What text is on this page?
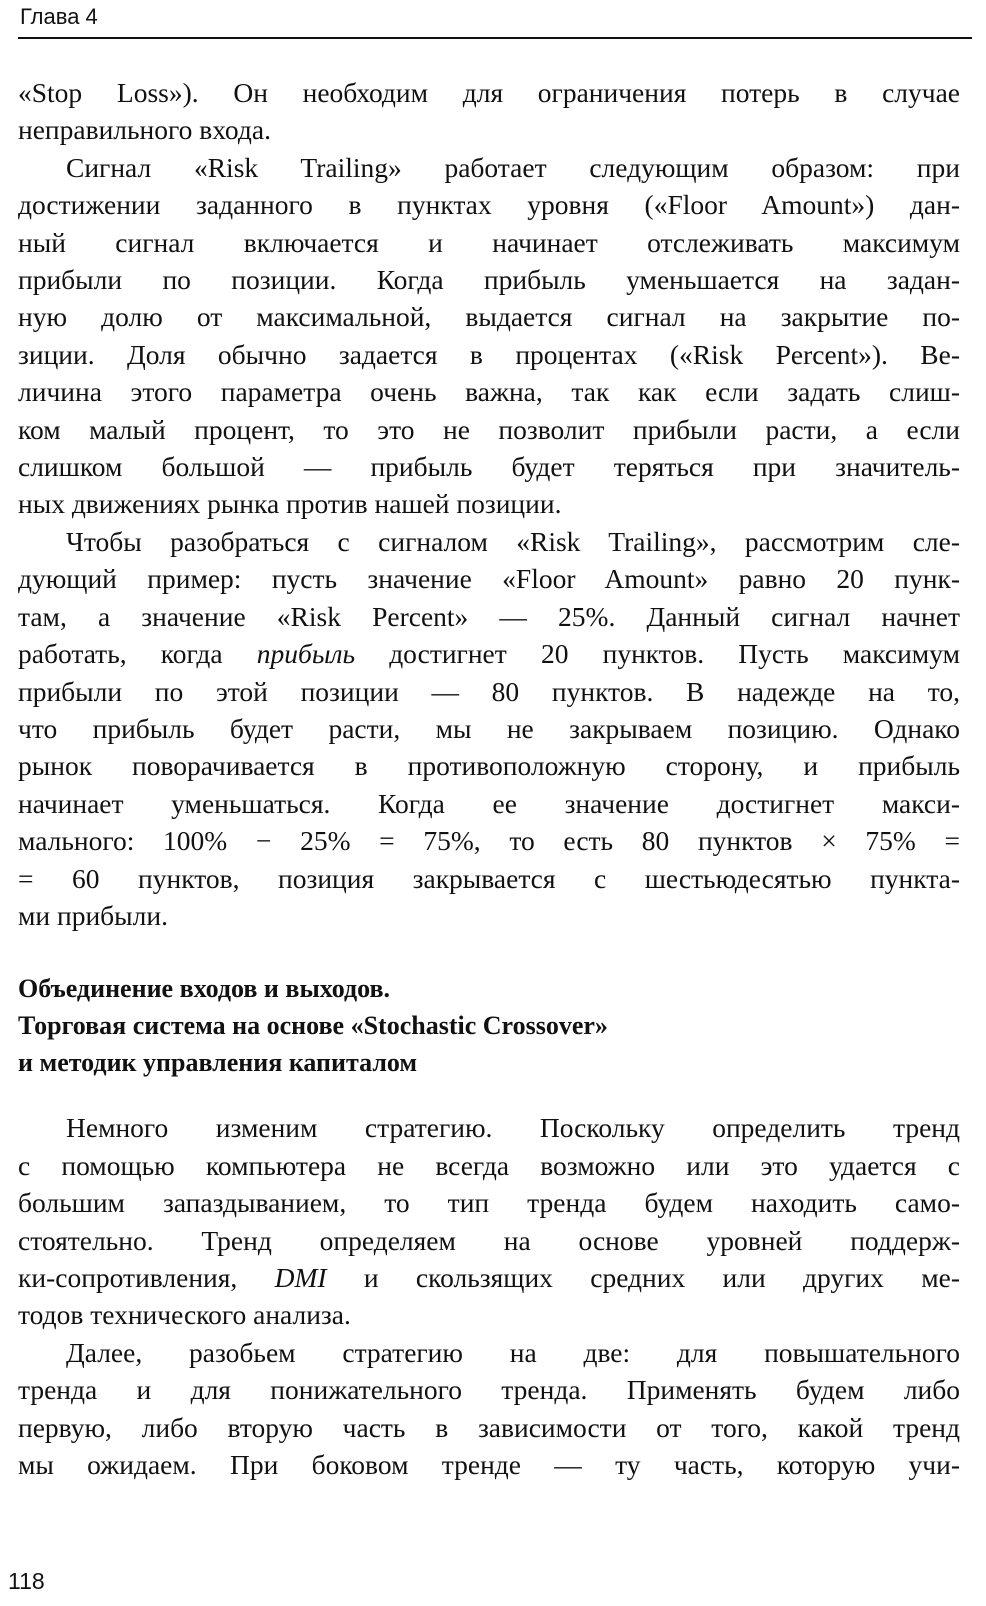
Глава 4

«Stop Loss»). Он необходим для ограничения потерь в случае
неправильного входа.

Сигнал «Risk Trailing» работает следующим образом: при
достижении заданного в пунктах уровня («Floor Amount») дан-
ный сигнал включается и начинает отслеживать максимум
прибыли по позиции. Когда прибыль уменьшается на задан-
ную долю от максимальной, выдается сигнал на закрытие по-
зиции. Доля обычно задается в процентах («Risk Percent»). Ве-
личина этого параметра очень важна, так как если задать слиш-
ком малый процент, то это не позволит прибыли расти, а если
слишком большой — прибыль будет теряться при значитель-
ных движениях рынка против нашей позиции.

Чтобы разобраться с сигналом «Risk Trailing», рассмотрим сле-
дующий пример: пусть значение «Floor Amount» равно 20 пунк-
там, а значение «Risk Percent» — 25%. Данный сигнал начнет
работать, когда прибыль достигнет 20 пунктов. Пусть максимум
прибыли по этой позиции — 80 пунктов. В надежде на то,
что прибыль будет расти, мы не закрываем позицию. Однако
рынок поворачивается в противоположную сторону, и прибыль
начинает уменьшаться. Когда ее значение достигнет макси-
мального: 100% − 25% = 75%, то есть 80 пунктов × 75% =
= 60 пунктов, позиция закрывается с шестьюдесятью пункта-
ми прибыли.

Объединение входов и выходов.
Торговая система на основе «Stochastic Crossover»
и методик управления капиталом

Немного изменим стратегию. Поскольку определить тренд
с помощью компьютера не всегда возможно или это удается с
большим запаздыванием, то тип тренда будем находить само-
стоятельно. Тренд определяем на основе уровней поддерж-
ки-сопротивления, DMI и скользящих средних или других ме-
тодов технического анализа.

Далее, разобьем стратегию на две: для повышательного
тренда и для понижательного тренда. Применять будем либо
первую, либо вторую часть в зависимости от того, какой тренд
мы ожидаем. При боковом тренде — ту часть, которую учи-

118
